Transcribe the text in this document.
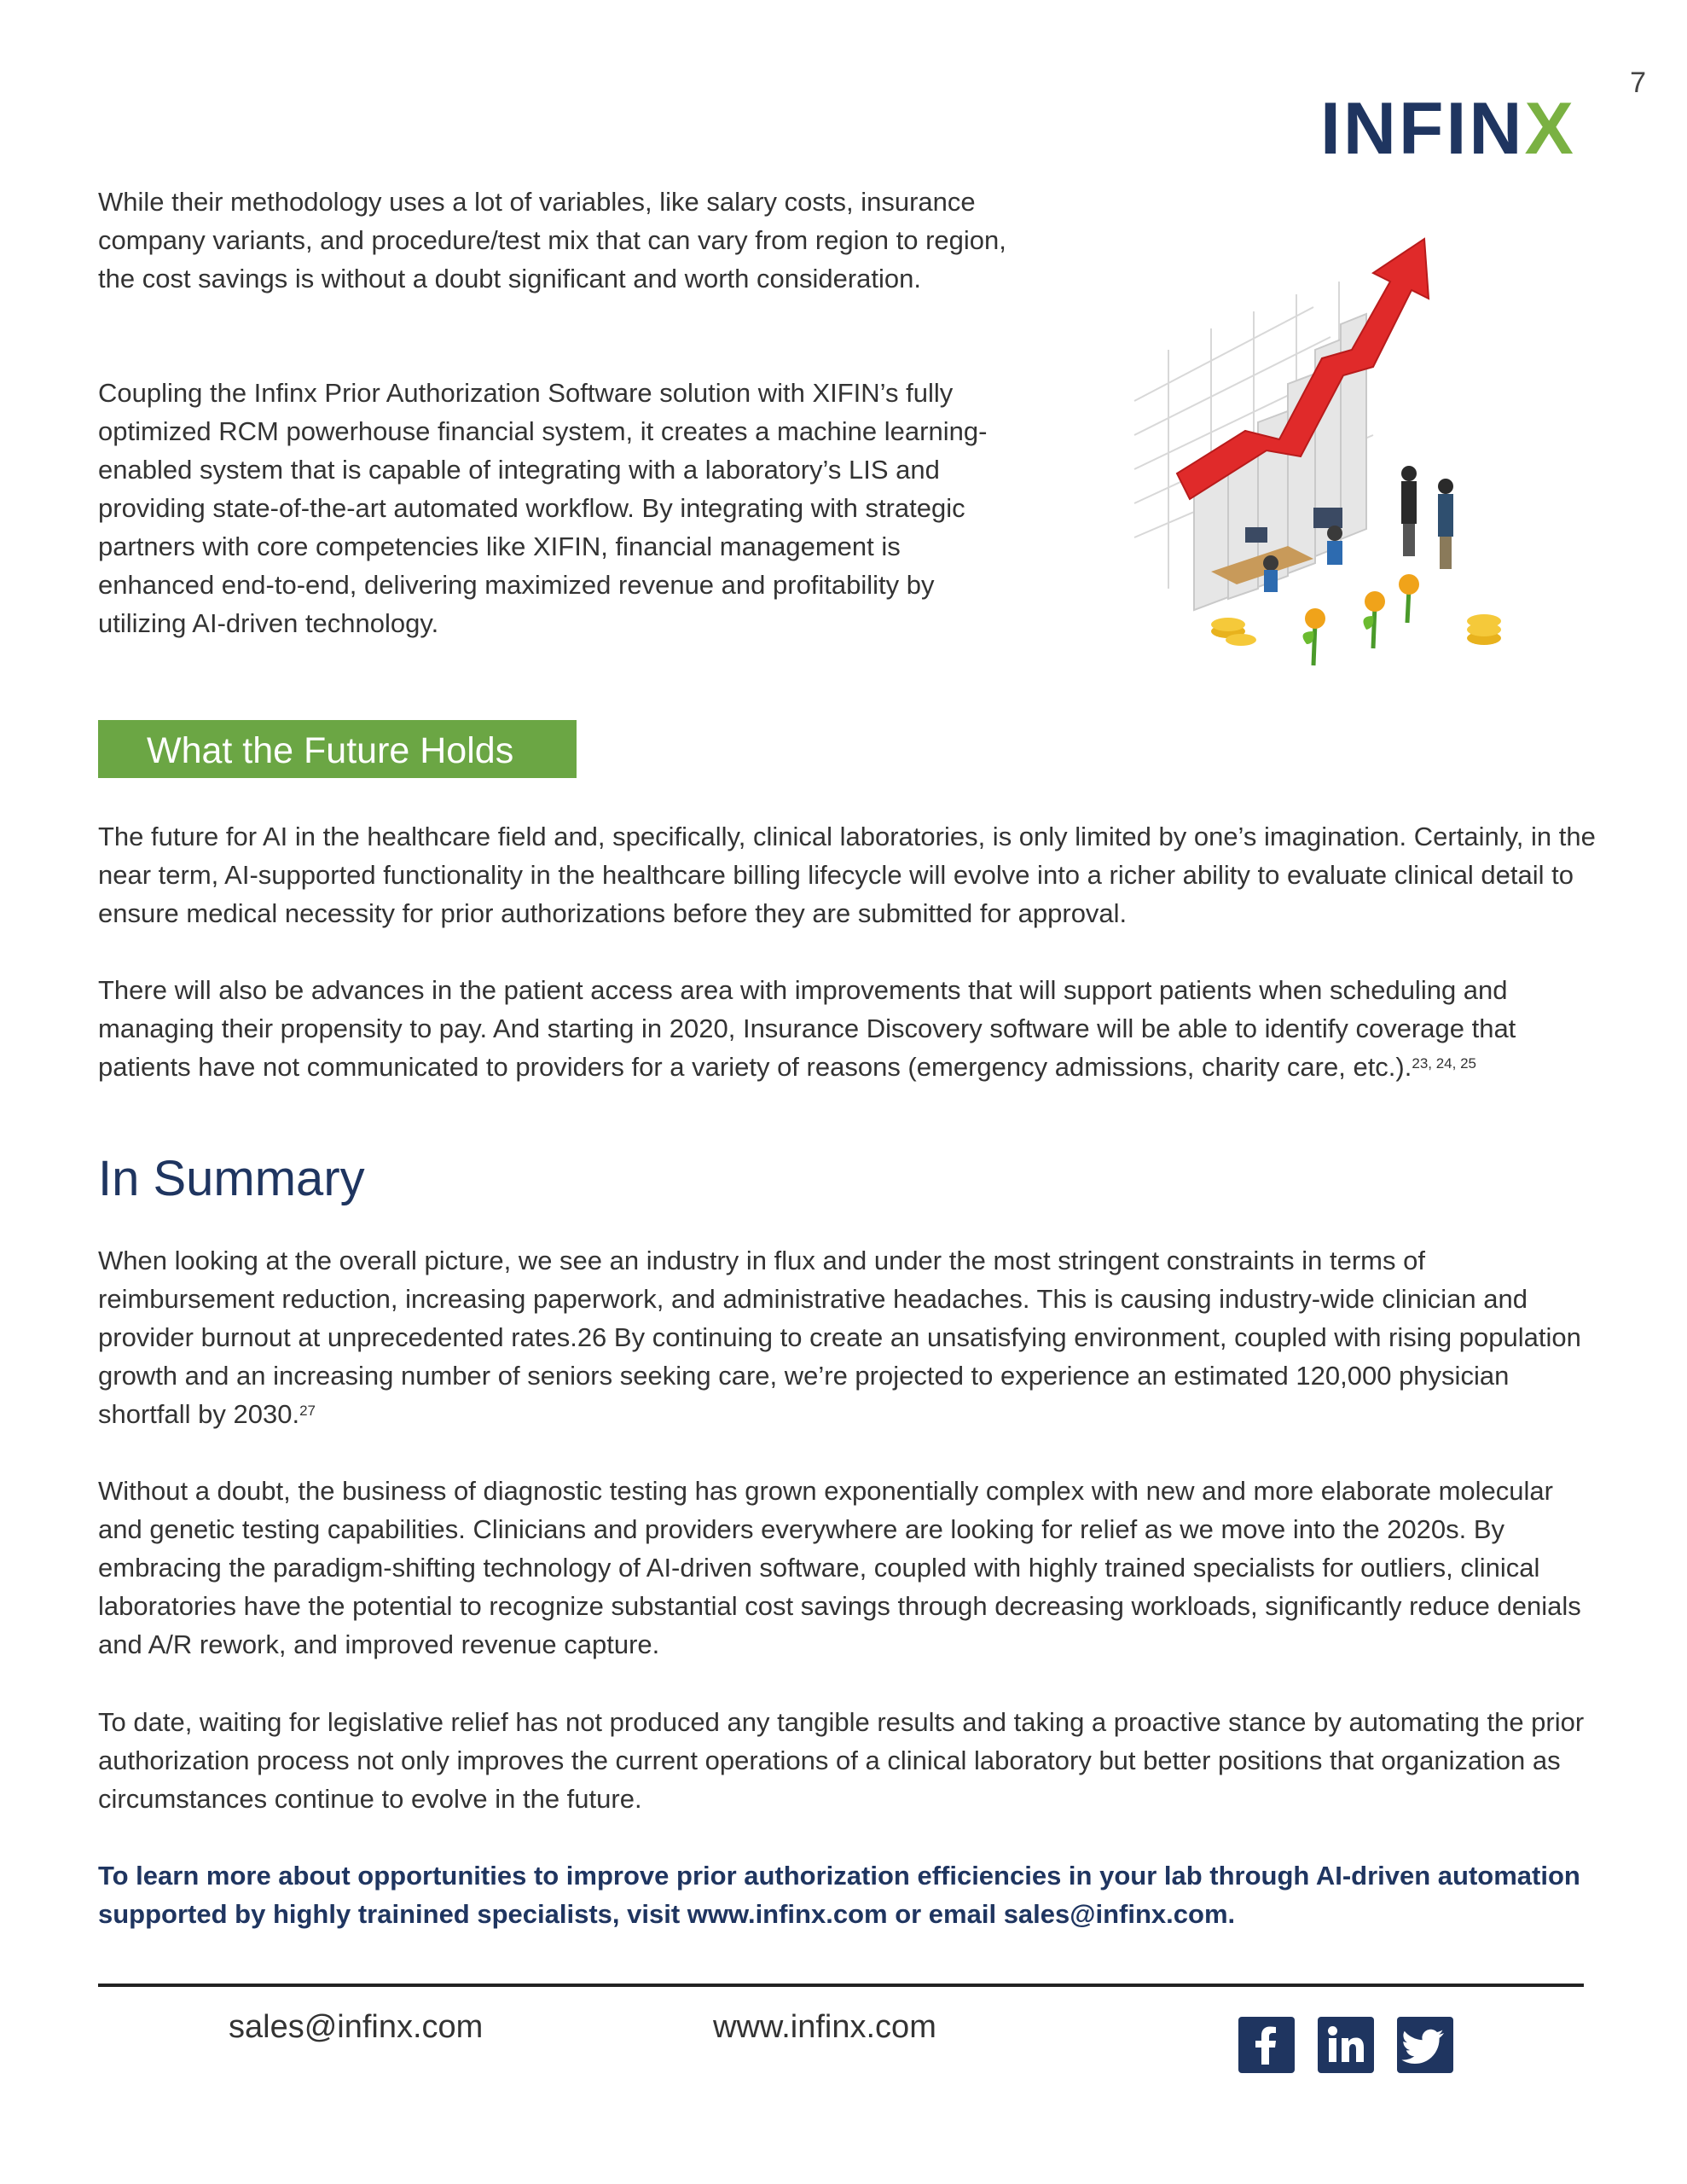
7
INFINX

While their methodology uses a lot of variables, like salary costs, insurance company variants, and procedure/test mix that can vary from region to region, the cost savings is without a doubt significant and worth consideration.

Coupling the Infinx Prior Authorization Software solution with XIFIN’s fully optimized RCM powerhouse financial system, it creates a machine learning-enabled system that is capable of integrating with a laboratory’s LIS and providing state-of-the-art automated workflow. By integrating with strategic partners with core competencies like XIFIN, financial management is enhanced end-to-end, delivering maximized revenue and profitability by utilizing AI-driven technology.

What the Future Holds

The future for AI in the healthcare field and, specifically, clinical laboratories, is only limited by one’s imagination. Certainly, in the near term, AI-supported functionality in the healthcare billing lifecycle will evolve into a richer ability to evaluate clinical detail to ensure medical necessity for prior authorizations before they are submitted for approval.

There will also be advances in the patient access area with improvements that will support patients when scheduling and managing their propensity to pay. And starting in 2020, Insurance Discovery software will be able to identify coverage that patients have not communicated to providers for a variety of reasons (emergency admissions, charity care, etc.).$^{23, 24, 25}$

In Summary

When looking at the overall picture, we see an industry in flux and under the most stringent constraints in terms of reimbursement reduction, increasing paperwork, and administrative headaches. This is causing industry-wide clinician and provider burnout at unprecedented rates.26 By continuing to create an unsatisfying environment, coupled with rising population growth and an increasing number of seniors seeking care, we’re projected to experience an estimated 120,000 physician shortfall by 2030.27

Without a doubt, the business of diagnostic testing has grown exponentially complex with new and more elaborate molecular and genetic testing capabilities. Clinicians and providers everywhere are looking for relief as we move into the 2020s. By embracing the paradigm-shifting technology of AI-driven software, coupled with highly trained specialists for outliers, clinical laboratories have the potential to recognize substantial cost savings through decreasing workloads, significantly reduce denials and A/R rework, and improved revenue capture.

To date, waiting for legislative relief has not produced any tangible results and taking a proactive stance by automating the prior authorization process not only improves the current operations of a clinical laboratory but better positions that organization as circumstances continue to evolve in the future.

To learn more about opportunities to improve prior authorization efficiencies in your lab through AI-driven automation supported by highly trainined specialists, visit www.infinx.com or email sales@infinx.com.

sales@infinx.com	www.infinx.com
